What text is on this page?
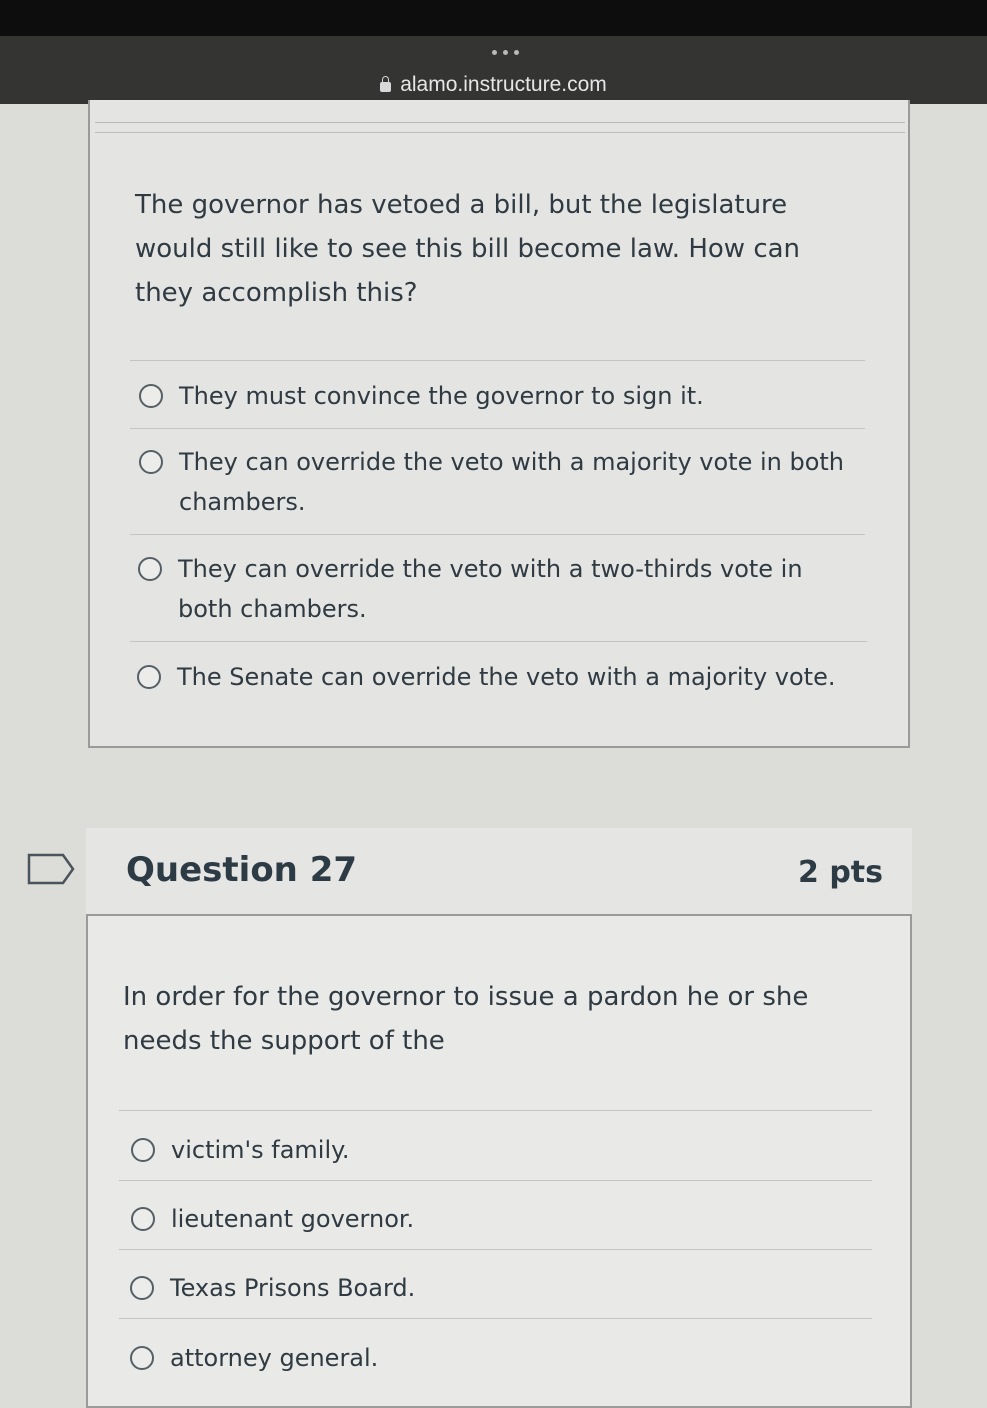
alamo.instructure.com
The governor has vetoed a bill, but the legislature would still like to see this bill become law. How can they accomplish this?
They must convince the governor to sign it.
They can override the veto with a majority vote in both chambers.
They can override the veto with a two-thirds vote in both chambers.
The Senate can override the veto with a majority vote.
Question 27	2 pts
In order for the governor to issue a pardon he or she needs the support of the
victim's family.
lieutenant governor.
Texas Prisons Board.
attorney general.
